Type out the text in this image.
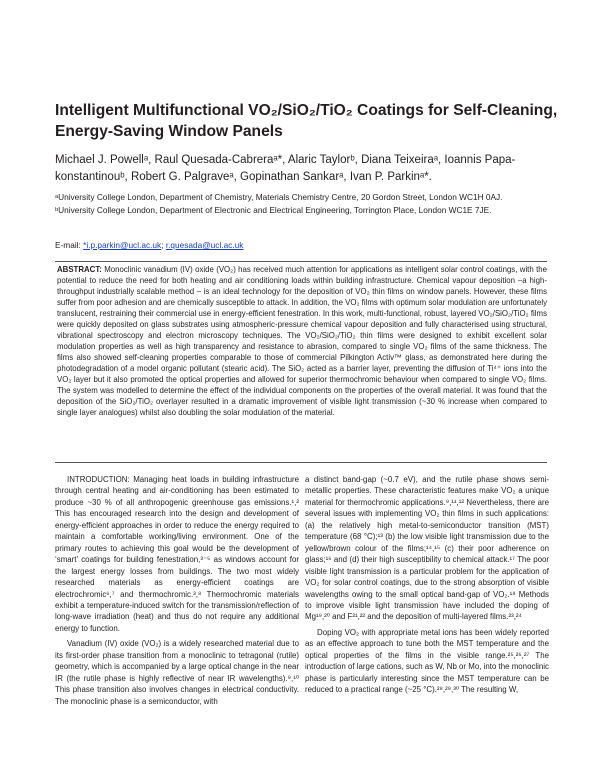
Intelligent Multifunctional VO₂/SiO₂/TiO₂ Coatings for Self-Cleaning, Energy-Saving Window Panels
Michael J. Powellᵃ, Raul Quesada-Cabreraᵃ*, Alaric Taylorᵇ, Diana Teixeiraᵃ, Ioannis Papa-konstantinouᵇ, Robert G. Palgraveᵃ, Gopinathan Sankarᵃ, Ivan P. Parkinᵃ*.

ᵃUniversity College London, Department of Chemistry, Materials Chemistry Centre, 20 Gordon Street, London WC1H 0AJ.

ᵇUniversity College London, Department of Electronic and Electrical Engineering, Torrington Place, London WC1E 7JE.

E-mail: *i.p.parkin@ucl.ac.uk; r.quesada@ucl.ac.uk
ABSTRACT: Monoclinic vanadium (IV) oxide (VO₂) has received much attention for applications as intelligent solar control coatings, with the potential to reduce the need for both heating and air conditioning loads within building infrastructure. Chemical vapour deposition –a high-throughput industrially scalable method – is an ideal technology for the deposition of VO₂ thin films on window panels. However, these films suffer from poor adhesion and are chemically susceptible to attack. In addition, the VO₂ films with optimum solar modulation are unfortunately translucent, restraining their commercial use in energy-efficient fenestration. In this work, multi-functional, robust, layered VO₂/SiO₂/TiO₂ films were quickly deposited on glass substrates using atmospheric-pressure chemical vapour deposition and fully characterised using structural, vibrational spectroscopy and electron microscopy techniques. The VO₂/SiO₂/TiO₂ thin films were designed to exhibit excellent solar modulation properties as well as high transparency and resistance to abrasion, compared to single VO₂ films of the same thickness. The films also showed self-cleaning properties comparable to those of commercial Pilkington Activ™ glass, as demonstrated here during the photodegradation of a model organic pollutant (stearic acid). The SiO₂ acted as a barrier layer, preventing the diffusion of Ti⁴⁺ ions into the VO₂ layer but it also promoted the optical properties and allowed for superior thermochromic behaviour when compared to single VO₂ films. The system was modelled to determine the effect of the individual components on the properties of the overall material. It was found that the deposition of the SiO₂/TiO₂ overlayer resulted in a dramatic improvement of visible light transmission (~30 % increase when compared to single layer analogues) whilst also doubling the solar modulation of the material.

INTRODUCTION: Managing heat loads in building infrastructure through central heating and air-conditioning has been estimated to produce ~30 % of all anthropogenic greenhouse gas emissions.¹,² This has encouraged research into the design and development of energy-efficient approaches in order to reduce the energy required to maintain a comfortable working/living environment. One of the primary routes to achieving this goal would be the development of ‘smart’ coatings for building fenestration,³⁻⁵ as windows account for the largest energy losses from buildings. The two most widely researched materials as energy-efficient coatings are electrochromic⁶,⁷ and thermochromic.³,⁸ Thermochromic materials exhibit a temperature-induced switch for the transmission/reflection of long-wave irradiation (heat) and thus do not require any additional energy to function.

Vanadium (IV) oxide (VO₂) is a widely researched material due to its first-order phase transition from a monoclinic to tetragonal (rutile) geometry, which is accompanied by a large optical change in the near IR (the rutile phase is highly reflective of near IR wavelengths).⁹,¹⁰ This phase transition also involves changes in electrical conductivity. The monoclinic phase is a semiconductor, with

a distinct band-gap (~0.7 eV), and the rutile phase shows semi-metallic properties. These characteristic features make VO₂ a unique material for thermochromic applications.⁹,¹¹,¹² Nevertheless, there are several issues with implementing VO₂ thin films in such applications: (a) the relatively high metal-to-semiconductor transition (MST) temperature (68 °C);¹³ (b) the low visible light transmission due to the yellow/brown colour of the films;¹⁴,¹⁵ (c) their poor adherence on glass;¹⁶ and (d) their high susceptibility to chemical attack.¹⁷ The poor visible light transmission is a particular problem for the application of VO₂ for solar control coatings, due to the strong absorption of visible wavelengths owing to the small optical band-gap of VO₂.¹⁸ Methods to improve visible light transmission have included the doping of Mg¹⁹,²⁰ and F²¹,²² and the deposition of multi-layered films.²³,²⁴

Doping VO₂ with appropriate metal ions has been widely reported as an effective approach to tune both the MST temperature and the optical properties of the films in the visible range.²⁵,²⁶,²⁷ The introduction of large cations, such as W, Nb or Mo, into the monoclinic phase is particularly interesting since the MST temperature can be reduced to a practical range (~25 °C).²⁸,²⁹,³⁰ The resulting W,
